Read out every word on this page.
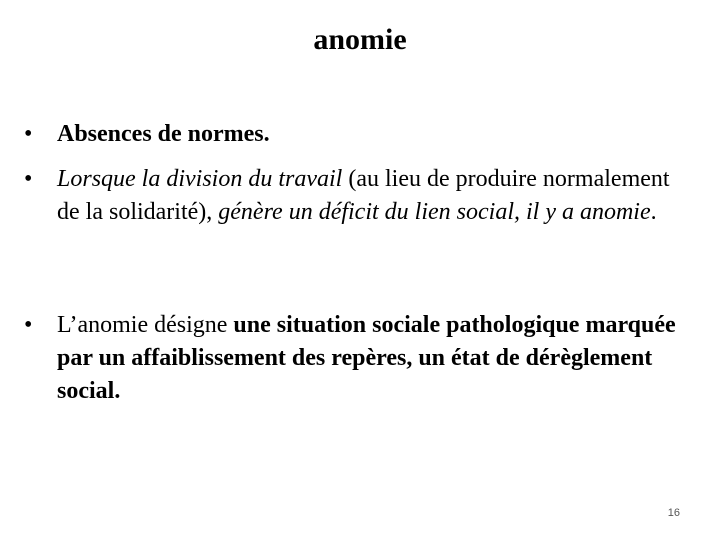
anomie
•	Absences de normes.
•	Lorsque la division du travail (au lieu de produire normalement de la solidarité), génère un déficit du lien social, il y a anomie.
•	L’anomie désigne une situation sociale pathologique marquée par un affaiblissement des repères, un état de dérèglement social.
16
